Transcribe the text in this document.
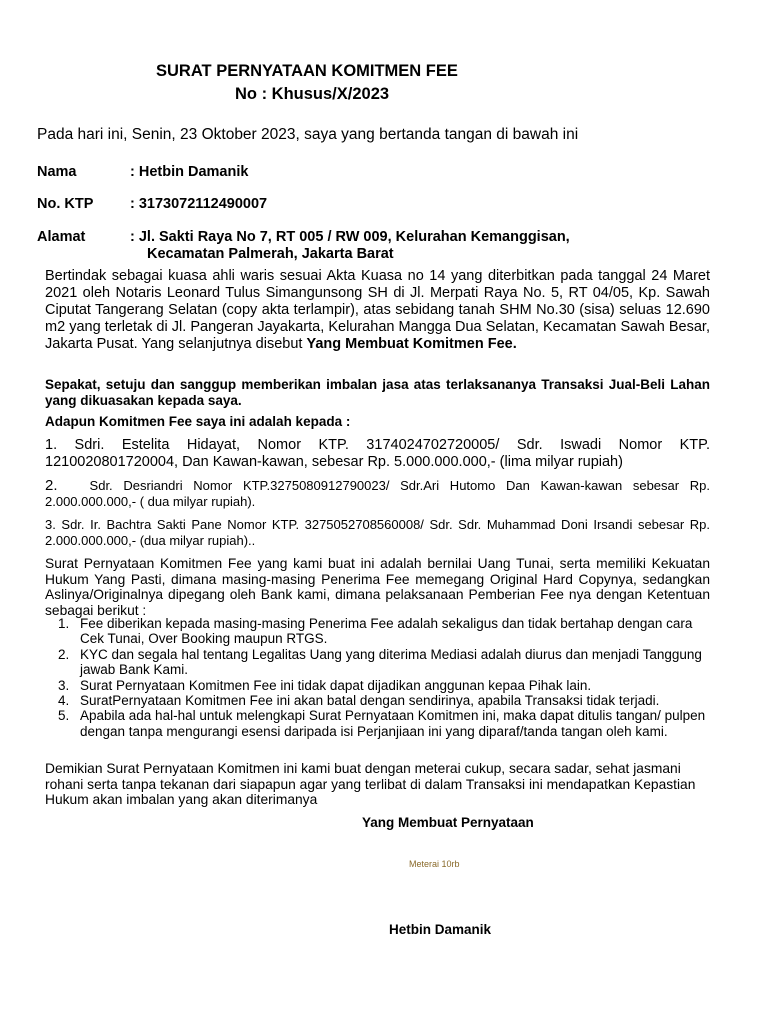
SURAT PERNYATAAN KOMITMEN FEE
No : Khusus/X/2023
Pada hari ini, Senin, 23 Oktober 2023, saya yang bertanda tangan di bawah ini
Nama	: Hetbin Damanik
No. KTP	: 3173072112490007
Alamat	: Jl. Sakti Raya No 7, RT 005 / RW 009, Kelurahan Kemanggisan,
Kecamatan Palmerah, Jakarta Barat
Bertindak sebagai kuasa ahli waris sesuai Akta Kuasa no 14 yang diterbitkan pada tanggal 24 Maret 2021 oleh Notaris Leonard Tulus Simangunsong SH di Jl. Merpati Raya No. 5, RT 04/05, Kp. Sawah Ciputat Tangerang Selatan (copy akta terlampir), atas sebidang tanah SHM No.30 (sisa) seluas 12.690 m2 yang terletak di Jl. Pangeran Jayakarta, Kelurahan Mangga Dua Selatan, Kecamatan Sawah Besar, Jakarta Pusat. Yang selanjutnya disebut Yang Membuat Komitmen Fee.
Sepakat, setuju dan sanggup memberikan imbalan jasa atas terlaksananya Transaksi Jual-Beli Lahan yang dikuasakan kepada saya.
Adapun Komitmen Fee saya ini adalah kepada :
1. Sdri. Estelita Hidayat, Nomor KTP. 3174024702720005/ Sdr. Iswadi Nomor KTP. 1210020801720004, Dan Kawan-kawan, sebesar Rp. 5.000.000.000,- (lima milyar rupiah)
2. Sdr. Desriandri Nomor KTP.3275080912790023/ Sdr.Ari Hutomo Dan Kawan-kawan sebesar Rp. 2.000.000.000,- ( dua milyar rupiah).
3. Sdr. Ir. Bachtra Sakti Pane Nomor KTP. 3275052708560008/ Sdr. Sdr. Muhammad Doni Irsandi sebesar Rp. 2.000.000.000,- (dua milyar rupiah)..
Surat Pernyataan Komitmen Fee yang kami buat ini adalah bernilai Uang Tunai, serta memiliki Kekuatan Hukum Yang Pasti, dimana masing-masing Penerima Fee memegang Original Hard Copynya, sedangkan Aslinya/Originalnya dipegang oleh Bank kami, dimana pelaksanaan Pemberian Fee nya dengan Ketentuan sebagai berikut :
1. Fee diberikan kepada masing-masing Penerima Fee adalah sekaligus dan tidak bertahap dengan cara Cek Tunai, Over Booking maupun RTGS.
2. KYC dan segala hal tentang Legalitas Uang yang diterima Mediasi adalah diurus dan menjadi Tanggung jawab Bank Kami.
3. Surat Pernyataan Komitmen Fee ini tidak dapat dijadikan anggunan kepaa Pihak lain.
4. SuratPernyataan Komitmen Fee ini akan batal dengan sendirinya, apabila Transaksi tidak terjadi.
5. Apabila ada hal-hal untuk melengkapi Surat Pernyataan Komitmen ini, maka dapat ditulis tangan/ pulpen dengan tanpa mengurangi esensi daripada isi Perjanjiaan ini yang diparaf/tanda tangan oleh kami.
Demikian Surat Pernyataan Komitmen ini kami buat dengan meterai cukup, secara sadar, sehat jasmani rohani serta tanpa tekanan dari siapapun agar yang terlibat di dalam Transaksi ini mendapatkan Kepastian Hukum akan imbalan yang akan diterimanya
Yang Membuat Pernyataan
Meterai 10rb
Hetbin Damanik
